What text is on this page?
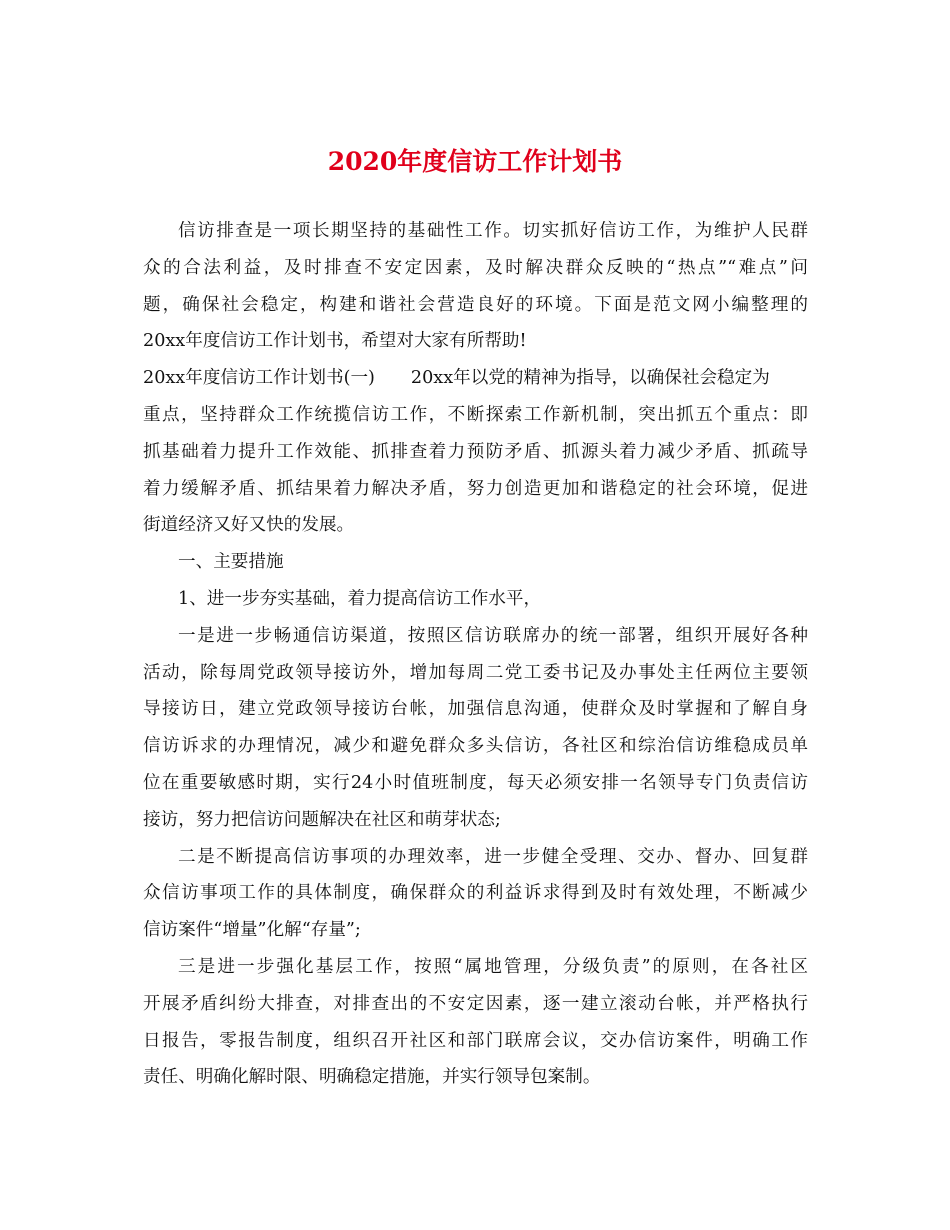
2020年度信访工作计划书

信访排查是一项长期坚持的基础性工作。切实抓好信访工作，为维护人民群

众的合法利益，及时排查不安定因素，及时解决群众反映的“热点”“难点”问
题，确保社会稳定，构建和谐社会营造良好的环境。下面是范文网小编整理的
20xx年度信访工作计划书，希望对大家有所帮助!

20xx年度信访工作计划书(一) 20xx年以党的精神为指导，以确保社会稳定为
重点，坚持群众工作统揽信访工作，不断探索工作新机制，突出抓五个重点：即
抓基础着力提升工作效能、抓排查着力预防矛盾、抓源头着力减少矛盾、抓疏导
着力缓解矛盾、抓结果着力解决矛盾，努力创造更加和谐稳定的社会环境，促进
街道经济又好又快的发展。

一、主要措施

1、进一步夯实基础，着力提高信访工作水平，

一是进一步畅通信访渠道，按照区信访联席办的统一部署，组织开展好各种

活动，除每周党政领导接访外，增加每周二党工委书记及办事处主任两位主要领
导接访日，建立党政领导接访台帐，加强信息沟通，使群众及时掌握和了解自身
信访诉求的办理情况，减少和避免群众多头信访，各社区和综治信访维稳成员单
位在重要敏感时期，实行24小时值班制度，每天必须安排一名领导专门负责信访
接访，努力把信访问题解决在社区和萌芽状态;

二是不断提高信访事项的办理效率，进一步健全受理、交办、督办、回复群

众信访事项工作的具体制度，确保群众的利益诉求得到及时有效处理，不断减少
信访案件“增量”化解“存量”;

三是进一步强化基层工作，按照“属地管理，分级负责”的原则，在各社区

开展矛盾纠纷大排查，对排查出的不安定因素，逐一建立滚动台帐，并严格执行
日报告，零报告制度，组织召开社区和部门联席会议，交办信访案件，明确工作
责任、明确化解时限、明确稳定措施，并实行领导包案制。
